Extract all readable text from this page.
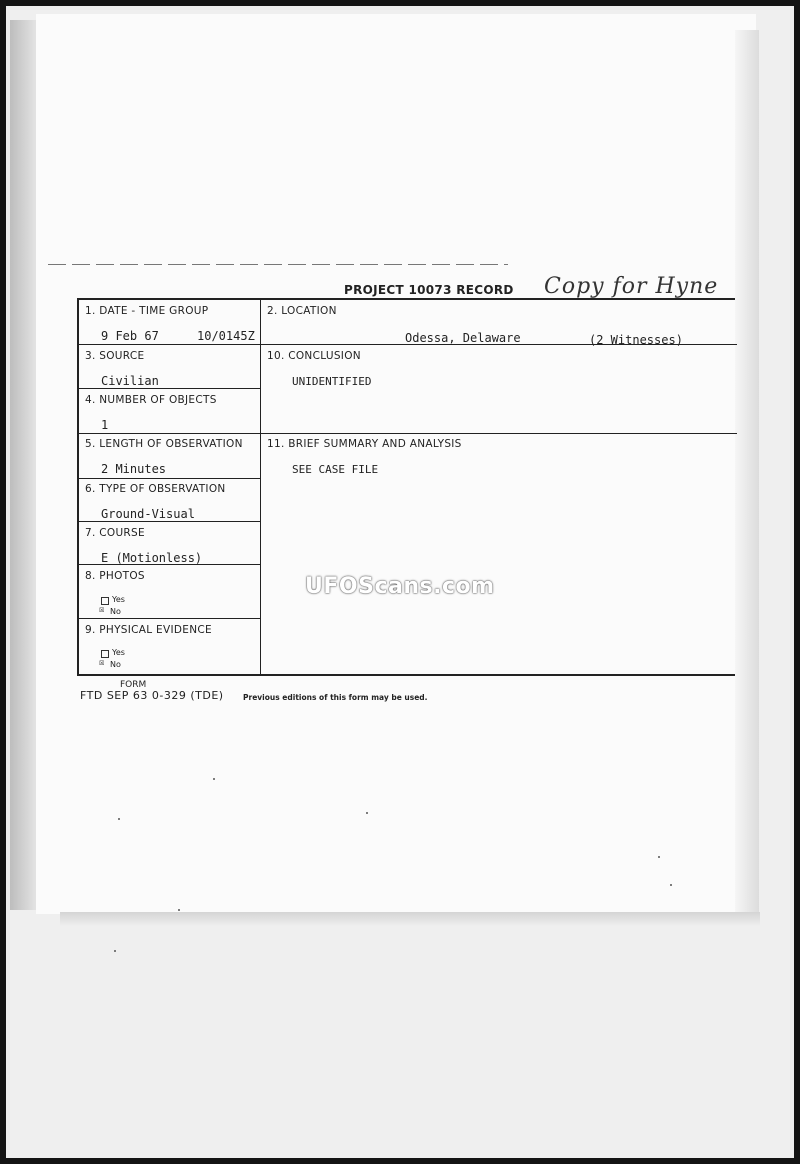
PROJECT 10073 RECORD Copy for Hyne
1. DATE - TIME GROUP
9 Feb 67	10/0145Z
2. LOCATION
Odessa, Delaware	(2 Witnesses)
3. SOURCE
Civilian
10. CONCLUSION
UNIDENTIFIED
4. NUMBER OF OBJECTS
1
5. LENGTH OF OBSERVATION
2 Minutes
11. BRIEF SUMMARY AND ANALYSIS
SEE CASE FILE
6. TYPE OF OBSERVATION
Ground-Visual
7. COURSE
E (Motionless)
8. PHOTOS
Yes
☒ No
9. PHYSICAL EVIDENCE
Yes
☒ No
FORM
FTD SEP 63 0-329 (TDE)	Previous editions of this form may be used.
UFOScans.com
